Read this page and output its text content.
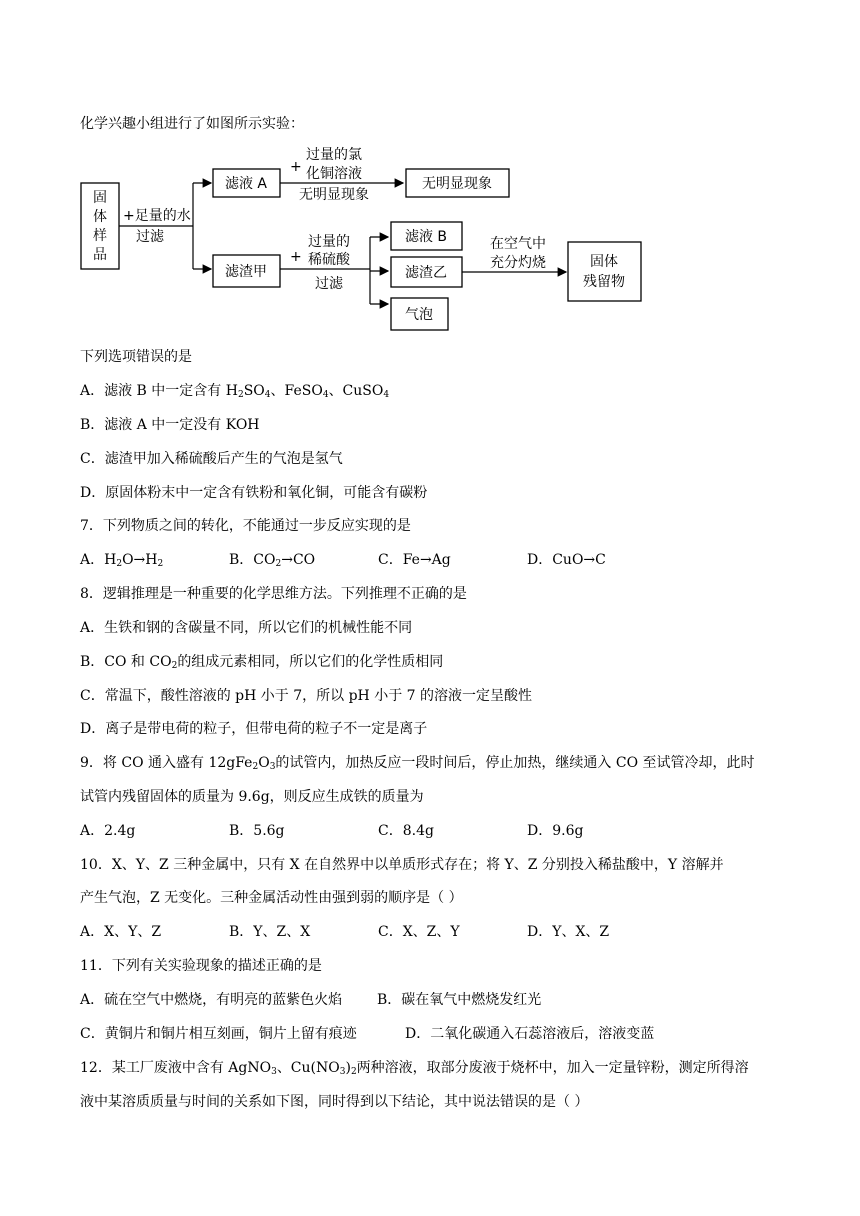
化学兴趣小组进行了如图所示实验：
固
体
样
品
+足量的水
过滤
滤液 A
+
过量的氯
化铜溶液
无明显现象
无明显现象
滤渣甲
+
过量的
稀硫酸
过滤
滤液 B
滤渣乙
气泡
在空气中
充分灼烧	固体
残留物
下列选项错误的是
A．滤液 B 中一定含有 $H_2SO_4$、FeSO$_4$、CuSO$_4$
B．滤液 A 中一定没有 KOH
C．滤渣甲加入稀硫酸后产生的气泡是氢气
D．原固体粉末中一定含有铁粉和氧化铜，可能含有碳粉
7．下列物质之间的转化，不能通过一步反应实现的是
A．$H_2O\to H_2$	B．$CO_2\to CO$	C．Fe→Ag	D．CuO→C
8．逻辑推理是一种重要的化学思维方法。下列推理不正确的是
A．生铁和钢的含碳量不同，所以它们的机械性能不同
B．CO 和 $CO_2$的组成元素相同，所以它们的化学性质相同
C．常温下，酸性溶液的 pH 小于 7，所以 pH 小于 7 的溶液一定呈酸性
D．离子是带电荷的粒子，但带电荷的粒子不一定是离子
9．将 CO 通入盛有 $12gFe_2O_3$的试管内，加热反应一段时间后，停止加热，继续通入 CO 至试管冷却，此时
试管内残留固体的质量为 9.6g，则反应生成铁的质量为
A．2.4g	B．5.6g	C．8.4g	D．9.6g
10．X、Y、Z 三种金属中，只有 X 在自然界中以单质形式存在；将 Y、Z 分别投入稀盐酸中，Y 溶解并
产生气泡，Z 无变化。三种金属活动性由强到弱的顺序是（ ）
A．X、Y、Z	B．Y、Z、X	C．X、Z、Y	D．Y、X、Z
11．下列有关实验现象的描述正确的是
A．硫在空气中燃烧，有明亮的蓝紫色火焰 B．碳在氧气中燃烧发红光
C．黄铜片和铜片相互刻画，铜片上留有痕迹	D．二氧化碳通入石蕊溶液后，溶液变蓝
12．某工厂废液中含有 AgNO$_3$、$Cu(NO_3)_2$两种溶液，取部分废液于烧杯中，加入一定量锌粉，测定所得溶
液中某溶质质量与时间的关系如下图，同时得到以下结论，其中说法错误的是（ ）
